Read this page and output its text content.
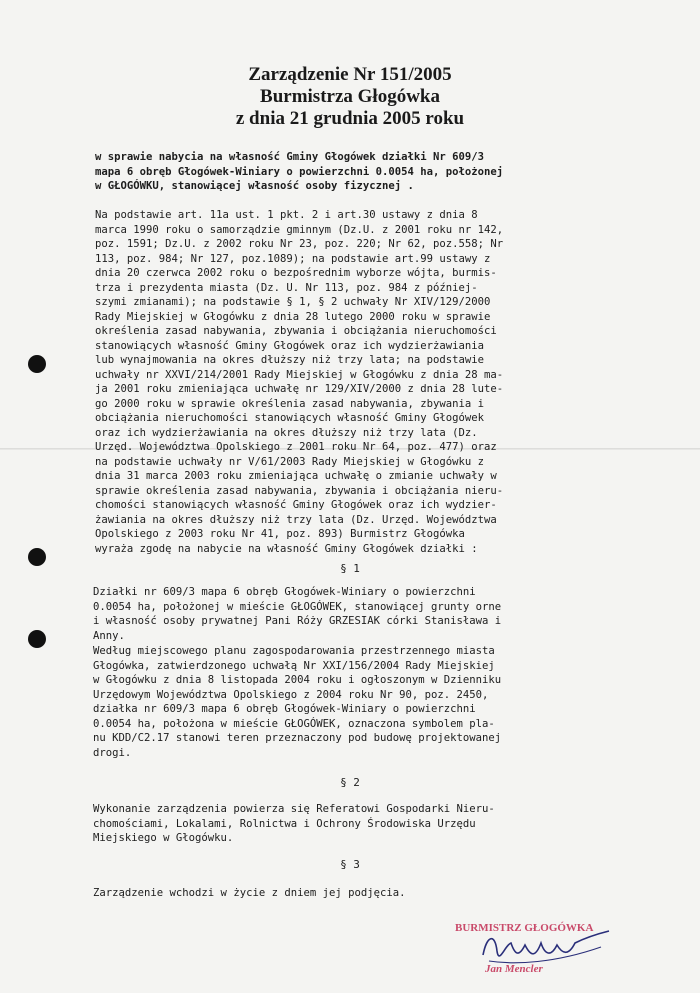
Zarządzenie Nr 151/2005
Burmistrza Głogówka
z dnia 21 grudnia 2005 roku
w sprawie nabycia na własność Gminy Głogówek działki Nr 609/3
mapa 6 obręb Głogówek-Winiary o powierzchni 0.0054 ha, położonej
w GŁOGÓWKU, stanowiącej własność osoby fizycznej .
Na podstawie art. 11a ust. 1 pkt. 2 i art.30 ustawy z dnia 8
marca 1990 roku o samorządzie gminnym (Dz.U. z 2001 roku nr 142,
poz. 1591; Dz.U. z 2002 roku Nr 23, poz. 220; Nr 62, poz.558; Nr
113, poz. 984; Nr 127, poz.1089); na podstawie art.99 ustawy z
dnia 20 czerwca 2002 roku o bezpośrednim wyborze wójta, burmis-
trza i prezydenta miasta (Dz. U. Nr 113, poz. 984 z później-
szymi zmianami); na podstawie § 1, § 2 uchwały Nr XIV/129/2000
Rady Miejskiej w Głogówku z dnia 28 lutego 2000 roku w sprawie
określenia zasad nabywania, zbywania i obciążania nieruchomości
stanowiących własność Gminy Głogówek oraz ich wydzierżawiania
lub wynajmowania na okres dłuższy niż trzy lata; na podstawie
uchwały nr XXVI/214/2001 Rady Miejskiej w Głogówku z dnia 28 ma-
ja 2001 roku zmieniająca uchwałę nr 129/XIV/2000 z dnia 28 lute-
go 2000 roku w sprawie określenia zasad nabywania, zbywania i
obciążania nieruchomości stanowiących własność Gminy Głogówek
oraz ich wydzierżawiania na okres dłuższy niż trzy lata (Dz.
Urzęd. Województwa Opolskiego z 2001 roku Nr 64, poz. 477) oraz
na podstawie uchwały nr V/61/2003 Rady Miejskiej w Głogówku z
dnia 31 marca 2003 roku zmieniająca uchwałę o zmianie uchwały w
sprawie określenia zasad nabywania, zbywania i obciążania nieru-
chomości stanowiących własność Gminy Głogówek oraz ich wydzier-
żawiania na okres dłuższy niż trzy lata (Dz. Urzęd. Województwa
Opolskiego z 2003 roku Nr 41, poz. 893) Burmistrz Głogówka
wyraża zgodę na nabycie na własność Gminy Głogówek działki :
§ 1
Działki nr 609/3 mapa 6 obręb Głogówek-Winiary o powierzchni
0.0054 ha, położonej w mieście GŁOGÓWEK, stanowiącej grunty orne
i własność osoby prywatnej Pani Róży GRZESIAK córki Stanisława i
Anny.
Według miejscowego planu zagospodarowania przestrzennego miasta
Głogówka, zatwierdzonego uchwałą Nr XXI/156/2004 Rady Miejskiej
w Głogówku z dnia 8 listopada 2004 roku i ogłoszonym w Dzienniku
Urzędowym Województwa Opolskiego z 2004 roku Nr 90, poz. 2450,
działka nr 609/3 mapa 6 obręb Głogówek-Winiary o powierzchni
0.0054 ha, położona w mieście GŁOGÓWEK, oznaczona symbolem pla-
nu KDD/C2.17 stanowi teren przeznaczony pod budowę projektowanej
drogi.
§ 2
Wykonanie zarządzenia powierza się Referatowi Gospodarki Nieru-
chomościami, Lokalami, Rolnictwa i Ochrony Środowiska Urzędu
Miejskiego w Głogówku.
§ 3
Zarządzenie wchodzi w życie z dniem jej podjęcia.
BURMISTRZ GŁOGÓWKA
Jan Mencler
